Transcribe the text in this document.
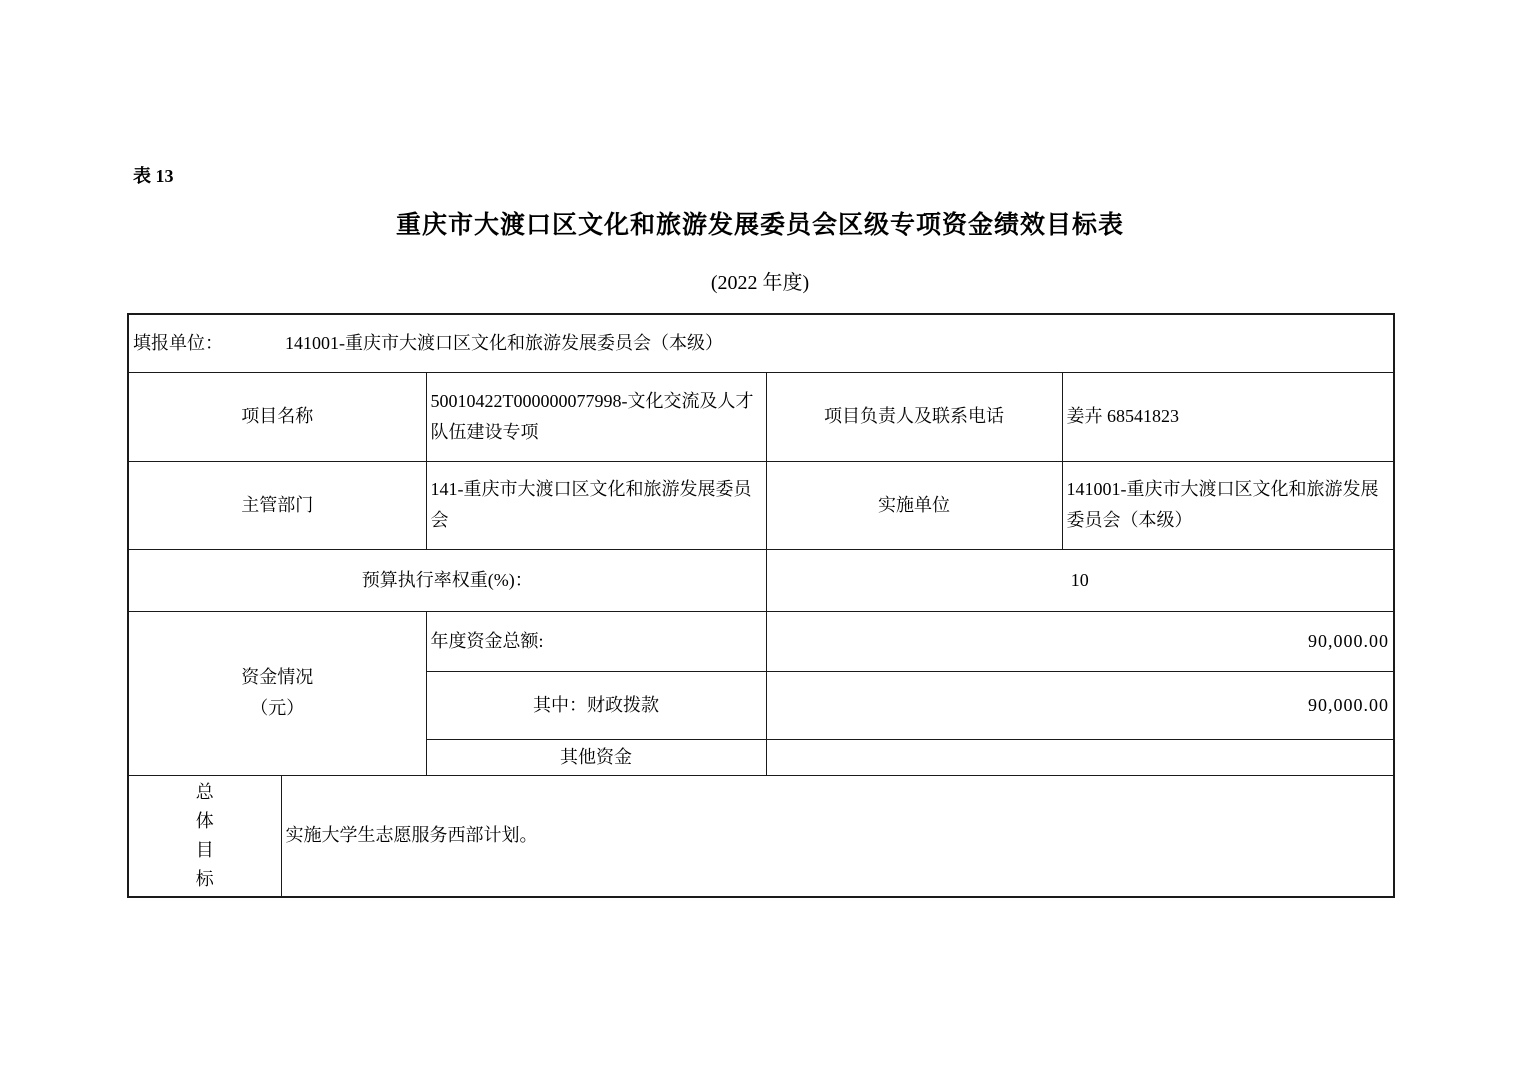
表 13
重庆市大渡口区文化和旅游发展委员会区级专项资金绩效目标表
(2022 年度)
填报单位： 141001-重庆市大渡口区文化和旅游发展委员会（本级）				
项目名称		50010422T000000077998-文化交流及人才队伍建设专项	项目负责人及联系电话	姜卉 68541823
主管部门		141-重庆市大渡口区文化和旅游发展委员会	实施单位	141001-重庆市大渡口区文化和旅游发展委员会（本级）
预算执行率权重(%)：			10	

资金情况
（元）		年度资金总额:	90,000.00	
		其中：财政拨款	90,000.00	
		其他资金		

总体目标	实施大学生志愿服务西部计划。			
